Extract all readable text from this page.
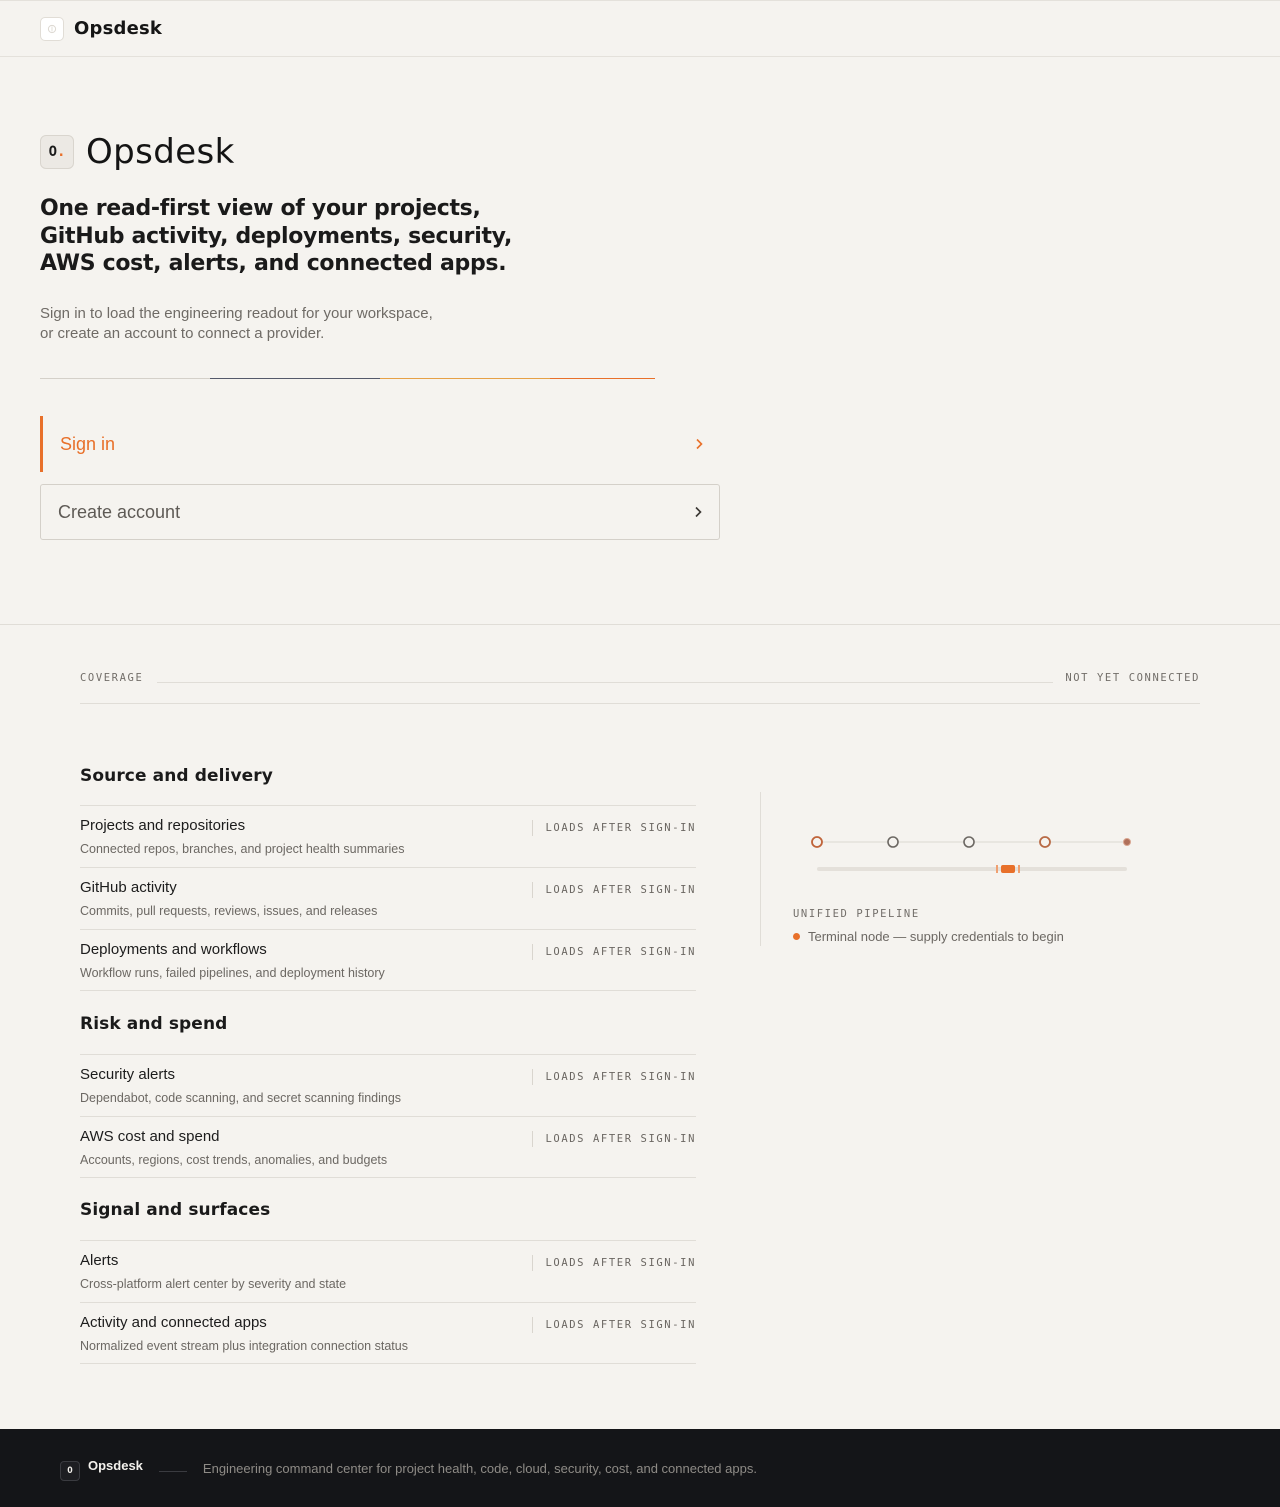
Opsdesk
O . Opsdesk
One read-first view of your projects, GitHub activity, deployments, security, AWS cost, alerts, and connected apps.

Sign in to load the engineering readout for your workspace,
or create an account to connect a provider.

Sign in
Create account
COVERAGE	NOT YET CONNECTED
Source and delivery
Projects and repositories
Connected repos, branches, and project health summaries
LOADS AFTER SIGN-IN
GitHub activity
Commits, pull requests, reviews, issues, and releases
LOADS AFTER SIGN-IN
Deployments and workflows
Workflow runs, failed pipelines, and deployment history
LOADS AFTER SIGN-IN
Risk and spend
Security alerts
Dependabot, code scanning, and secret scanning findings
LOADS AFTER SIGN-IN
AWS cost and spend
Accounts, regions, cost trends, anomalies, and budgets
LOADS AFTER SIGN-IN
Signal and surfaces
Alerts
Cross-platform alert center by severity and state
LOADS AFTER SIGN-IN
Activity and connected apps
Normalized event stream plus integration connection status
LOADS AFTER SIGN-IN
UNIFIED PIPELINE
Terminal node — supply credentials to begin
O	Opsdesk	Engineering command center for project health, code, cloud, security, cost, and connected apps.
